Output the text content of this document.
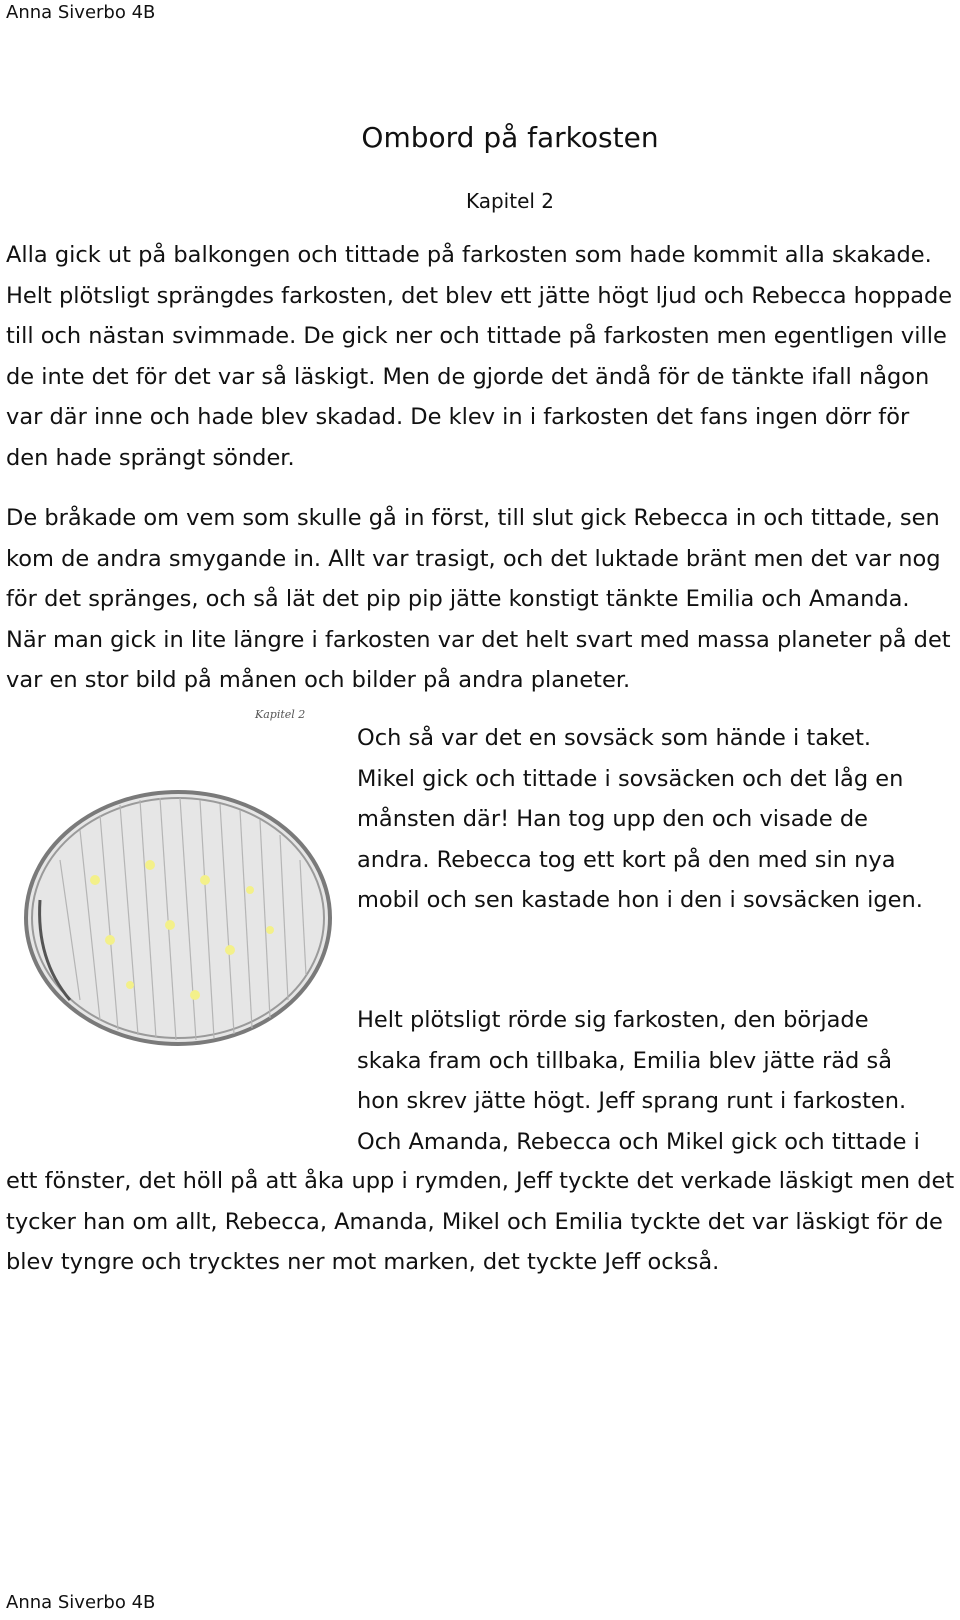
Anna Siverbo 4B
Ombord på farkosten
Kapitel 2

Alla gick ut på balkongen och tittade på farkosten som hade kommit alla skakade. Helt plötsligt sprängdes farkosten, det blev ett jätte högt ljud och Rebecca hoppade till och nästan svimmade. De gick ner och tittade på farkosten men egentligen ville de inte det för det var så läskigt. Men de gjorde det ändå för de tänkte ifall någon var där inne och hade blev skadad. De klev in i farkosten det fans ingen dörr för den hade sprängt sönder.

De bråkade om vem som skulle gå in först, till slut gick Rebecca in och tittade, sen kom de andra smygande in. Allt var trasigt, och det luktade bränt men det var nog för det spränges, och så lät det pip pip jätte konstigt tänkte Emilia och Amanda. När man gick in lite längre i farkosten var det helt svart med massa planeter på det var en stor bild på månen och bilder på andra planeter.

Kapitel 2
Och så var det en sovsäck som hände i taket.
Mikel gick och tittade i sovsäcken och det låg en
månsten där! Han tog upp den och visade de
andra. Rebecca tog ett kort på den med sin nya
mobil och sen kastade hon i den i sovsäcken igen.
Helt plötsligt rörde sig farkosten, den började
skaka fram och tillbaka, Emilia blev jätte räd så
hon skrev jätte högt. Jeff sprang runt i farkosten.
Och Amanda, Rebecca och Mikel gick och tittade i

ett fönster, det höll på att åka upp i rymden, Jeff tyckte det verkade läskigt men det tycker han om allt, Rebecca, Amanda, Mikel och Emilia tyckte det var läskigt för de blev tyngre och trycktes ner mot marken, det tyckte Jeff också.

Anna Siverbo 4B
